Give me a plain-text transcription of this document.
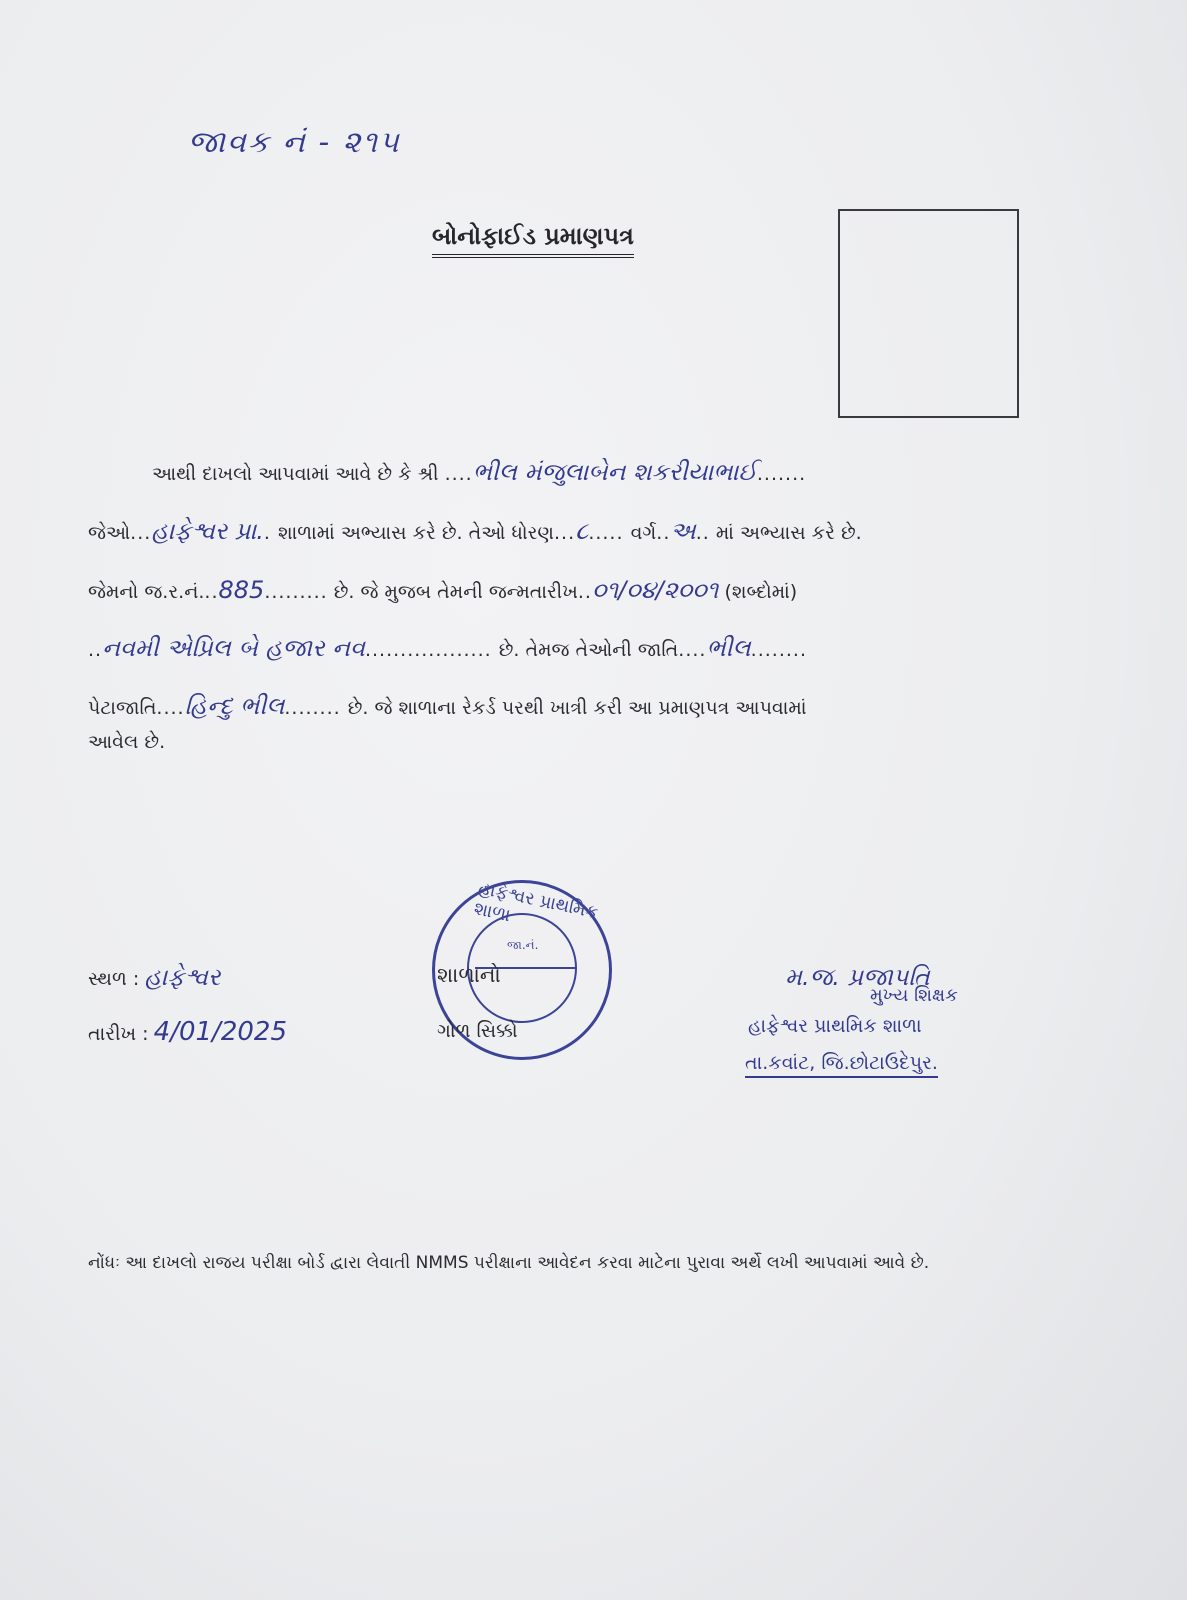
જાવક નં - ૨૧૫
બોનોફાઈડ પ્રમાણપત્ર
આથી દાખલો આપવામાં આવે છે કે શ્રી ....ભીલ મંજુલાબેન શકરીયાભાઈ.......
જેઓ...હાફેશ્વર પ્રા.. શાળામાં અભ્યાસ કરે છે. તેઓ ધોરણ...૮..... વર્ગ..અ.. માં અભ્યાસ કરે છે.
જેમનો જ.ર.નં...885......... છે. જે મુજબ તેમની જન્મતારીખ..૦૧/૦૪/૨૦૦૧ (શબ્દોમાં)
..નવમી એપ્રિલ બે હજાર નવ.................. છે. તેમજ તેઓની જાતિ....ભીલ........
પેટાજાતિ....હિન્દુ ભીલ........ છે. જે શાળાના રેકર્ડ પરથી ખાત્રી કરી આ પ્રમાણપત્ર આપવામાં
આવેલ છે.
સ્થળ : હાફેશ્વર
તારીખ : 4/01/2025
હાફેશ્વર પ્રાથમિક શાળા
જા.નં.
શાળાનો
ગોળ સિક્કો
મ.જ. પ્રજાપતિ
મુખ્ય શિક્ષક
હાફેશ્વર પ્રાથમિક શાળા
તા.કવાંટ, જિ.છોટાઉદેપુર.
નોંધઃ આ દાખલો રાજય પરીક્ષા બોર્ડ દ્વારા લેવાતી NMMS પરીક્ષાના આવેદન કરવા માટેના પુરાવા અર્થે લખી આપવામાં આવે છે.
